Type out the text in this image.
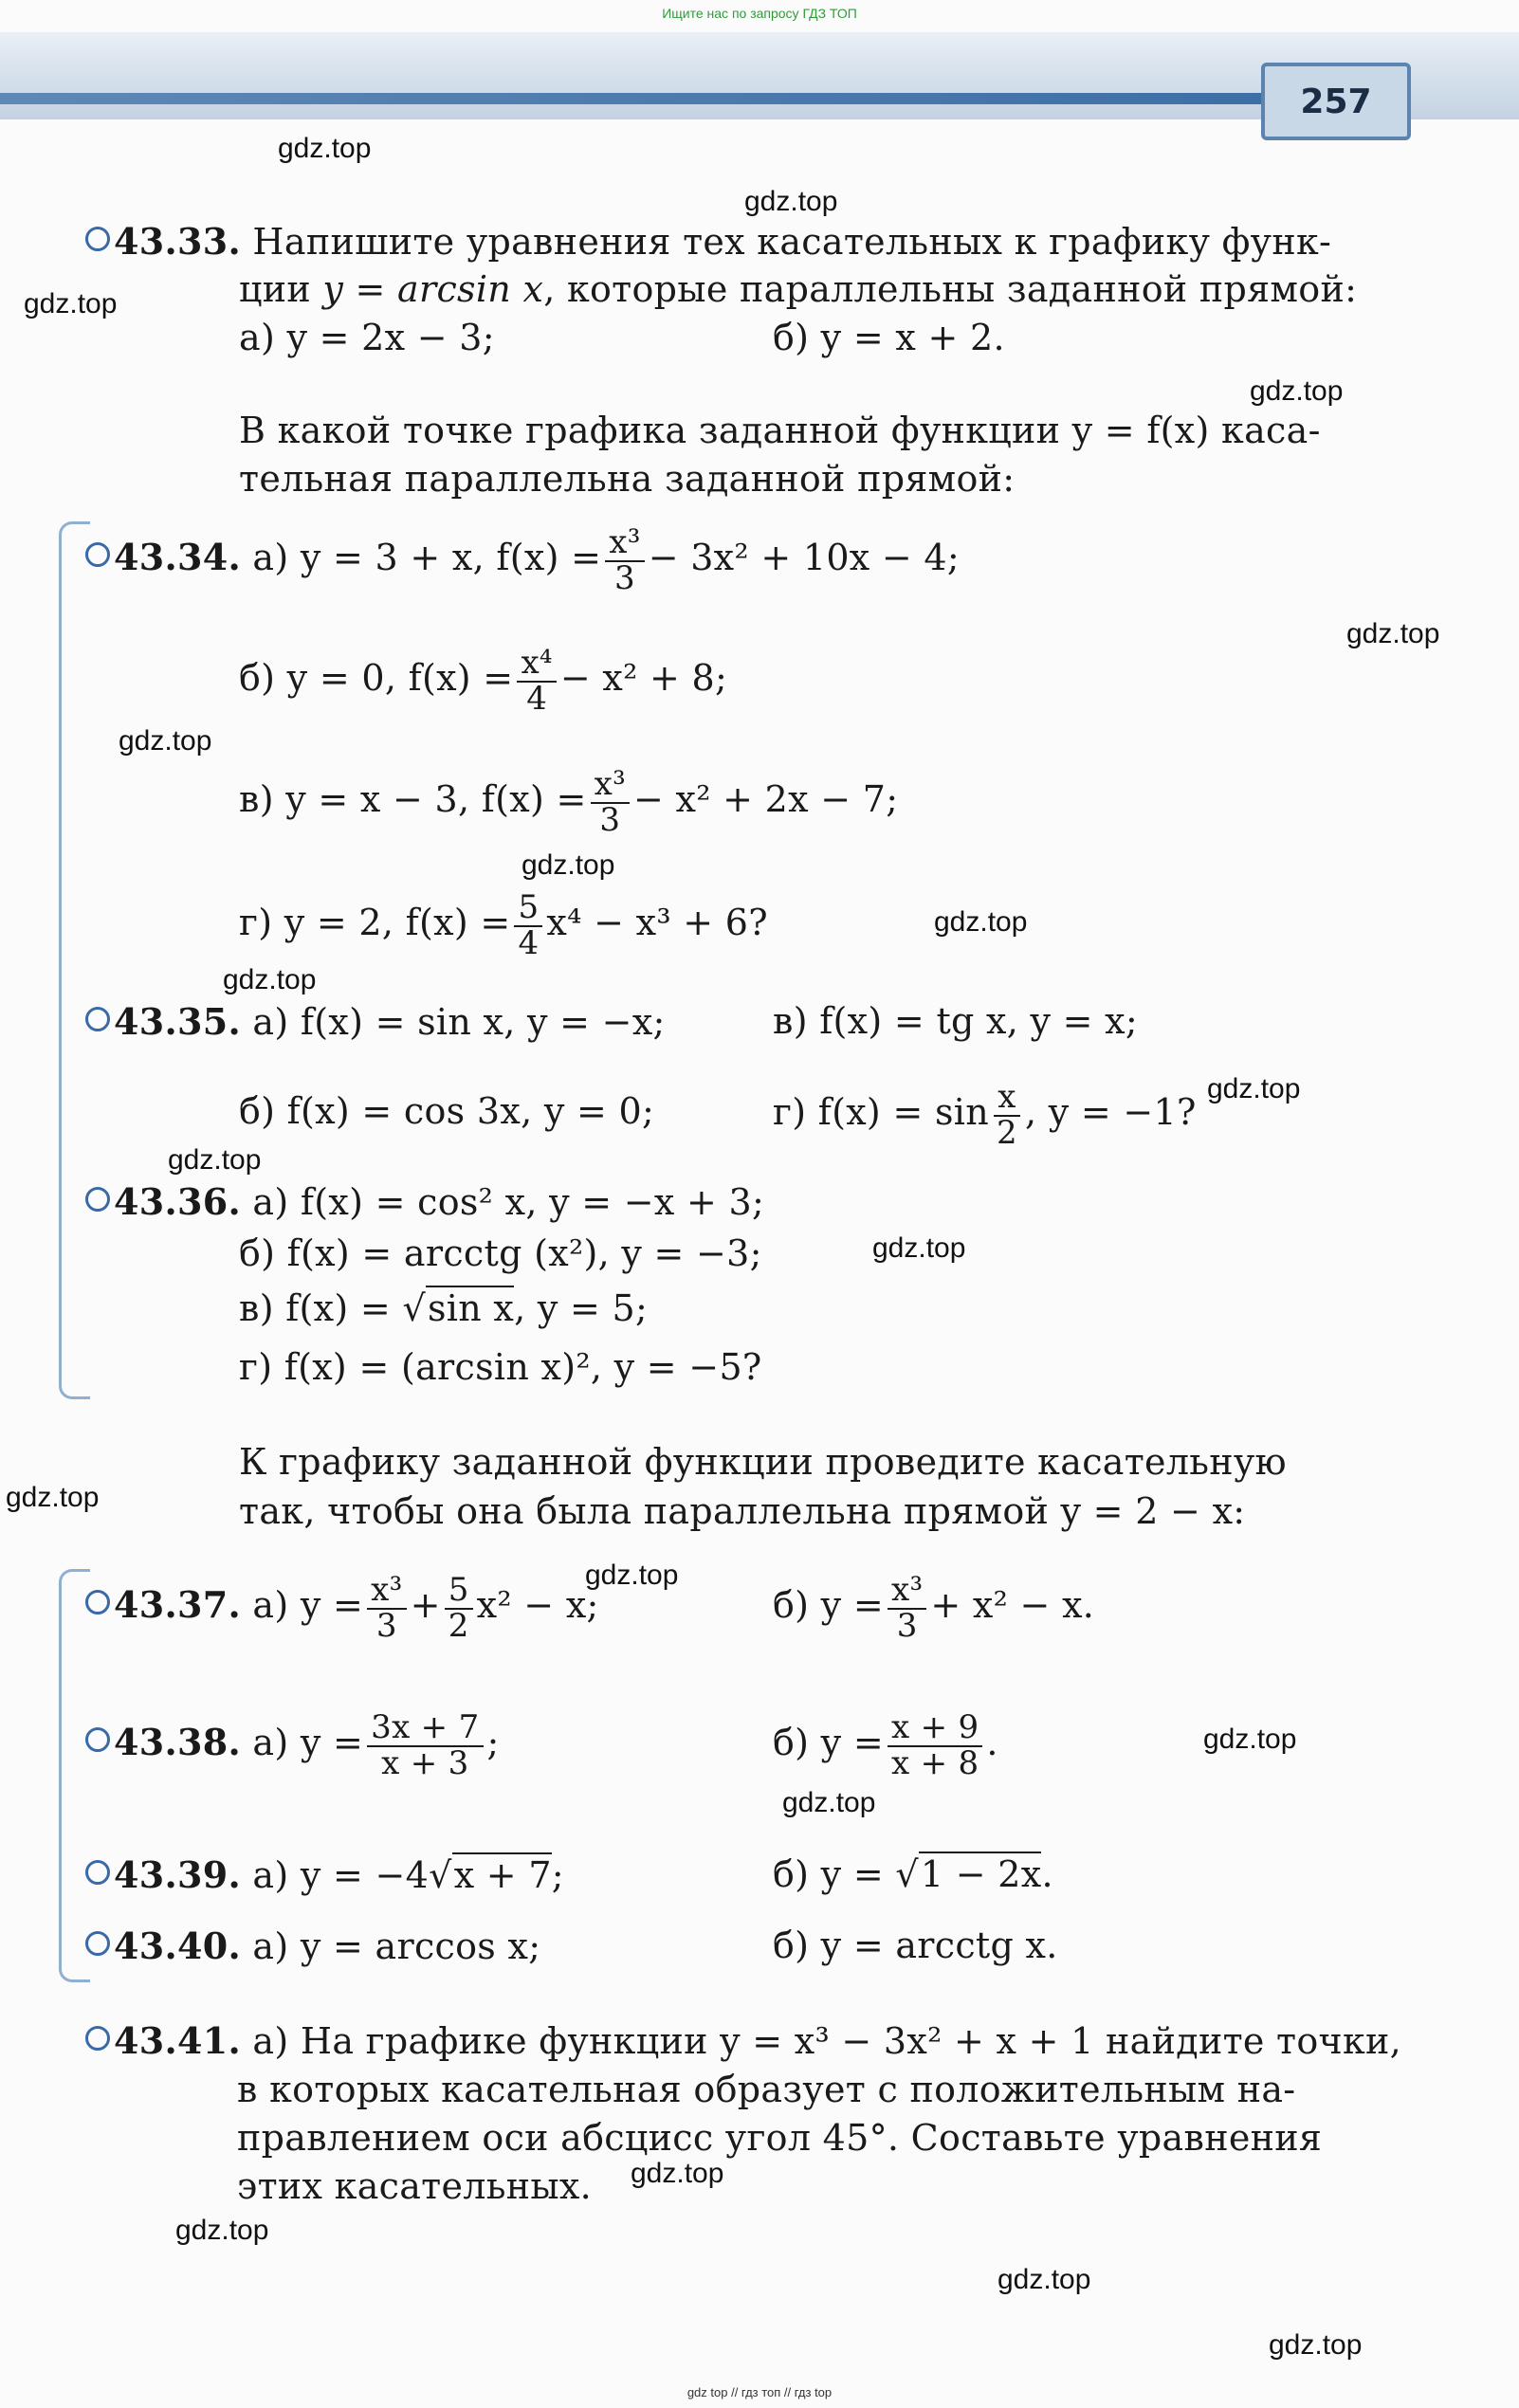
Ищите нас по запросу ГДЗ ТОП
257
gdz.top
gdz.top
gdz.top
gdz.top
gdz.top
gdz.top
gdz.top
gdz.top
gdz.top
gdz.top
gdz.top
gdz.top
gdz.top
gdz.top
gdz.top
gdz.top
gdz.top
gdz.top
gdz.top
gdz.top
43.33. Напишите уравнения тех касательных к графику функ-
ции y = arcsin x, которые параллельны заданной прямой:
а) y = 2x − 3;	б) y = x + 2.
В какой точке графика заданной функции y = f(x) каса-
тельная параллельна заданной прямой:
43.34. а) y = 3 + x, $f(x) = \frac{\text{x³}}{3} - 3x^2 + 10x - 4$;
б) y = 0, $f(x) = \frac{\text{x⁴}}{4} - x^2 + 8$;
в) y = x − 3, $f(x) = \frac{\text{x³}}{3} - x^2 + 2x - 7$;
г) y = 2, $f(x) = \frac{5}{4} x^4 - x^3 + 6$?
43.35. а) f(x) = sin x, y = −x;	в) f(x) = tg x, y = x;
б) f(x) = cos 3x, y = 0;	г) $f(x) = \sin \frac{x}{2}$ , y = −1?
43.36. а) f(x) = cos² x, y = −x + 3;
б) f(x) = arcctg (x²), y = −3;
в) f(x) = √sin x, y = 5;
г) f(x) = (arcsin x)², y = −5?
К графику заданной функции проведите касательную
так, чтобы она была параллельна прямой y = 2 − x:
43.37. а) $y = \frac{\text{x³}}{3} + \frac{5}{2} x^2 - x$;	б) $y = \frac{\text{x³}}{3} + x^2 - x$.
43.38. а) $y = \frac{3x + 7}{x + 3}$ ;	б) $y = \frac{x + 9}{x + 8}$ .
43.39. а) y = −4√x + 7;	б) y = √1 − 2x.
43.40. а) y = arccos x;	б) y = arcctg x.
43.41. а) На графике функции y = x³ − 3x² + x + 1 найдите точки,
в которых касательная образует с положительным на-
правлением оси абсцисс угол 45°. Составьте уравнения
этих касательных.
gdz top // гдз топ // гдз top
